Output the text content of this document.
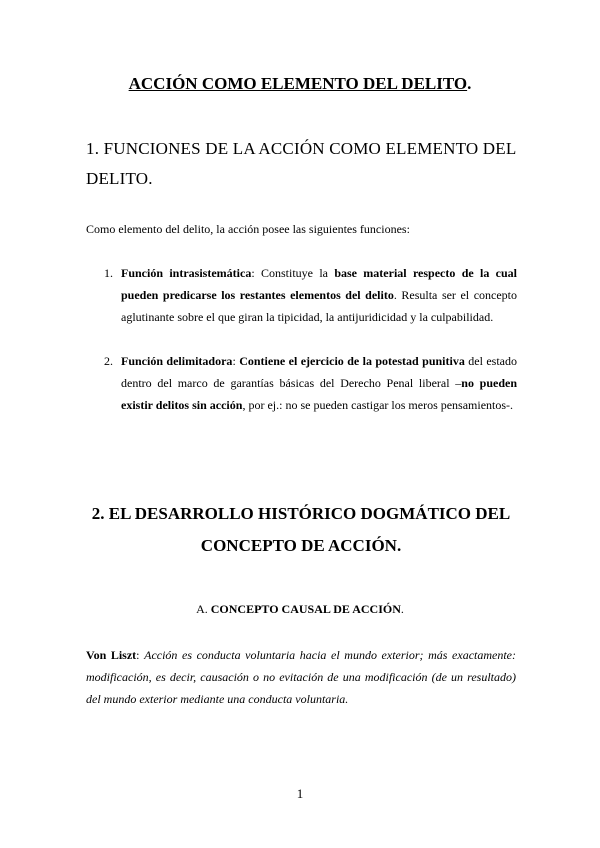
ACCIÓN COMO ELEMENTO DEL DELITO.
1. FUNCIONES DE LA ACCIÓN COMO ELEMENTO DEL DELITO.
Como elemento del delito, la acción posee las siguientes funciones:
1. Función intrasistemática: Constituye la base material respecto de la cual pueden predicarse los restantes elementos del delito. Resulta ser el concepto aglutinante sobre el que giran la tipicidad, la antijuridicidad y la culpabilidad.
2. Función delimitadora: Contiene el ejercicio de la potestad punitiva del estado dentro del marco de garantías básicas del Derecho Penal liberal –no pueden existir delitos sin acción, por ej.: no se pueden castigar los meros pensamientos-.
2. EL DESARROLLO HISTÓRICO DOGMÁTICO DEL
CONCEPTO DE ACCIÓN.
A. CONCEPTO CAUSAL DE ACCIÓN.
Von Liszt: Acción es conducta voluntaria hacia el mundo exterior; más exactamente: modificación, es decir, causación o no evitación de una modificación (de un resultado) del mundo exterior mediante una conducta voluntaria.
1
